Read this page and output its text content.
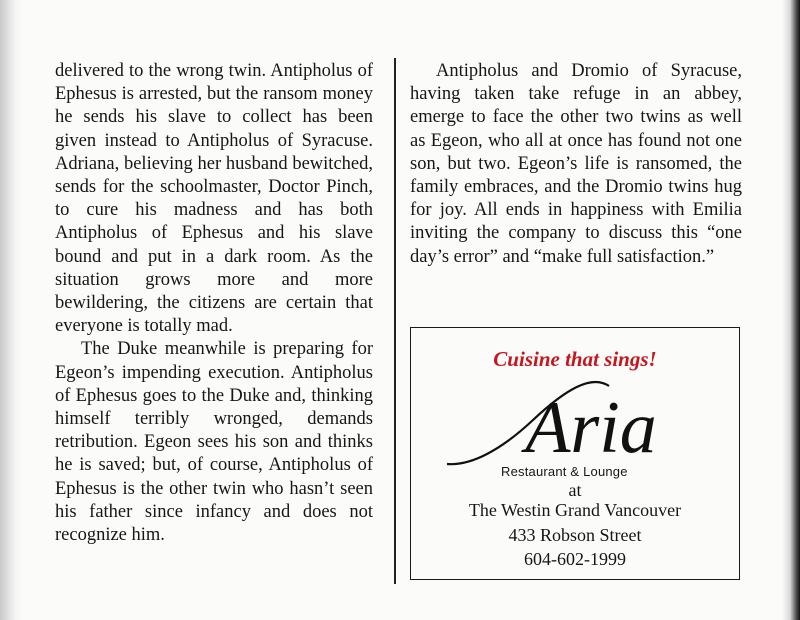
delivered to the wrong twin. Antipholus of Ephesus is arrested, but the ransom money he sends his slave to collect has been given instead to Antipholus of Syracuse. Adriana, believing her husband bewitched, sends for the schoolmaster, Doctor Pinch, to cure his madness and has both Antipholus of Ephesus and his slave bound and put in a dark room. As the situation grows more and more bewildering, the citizens are certain that everyone is totally mad.

The Duke meanwhile is preparing for Egeon’s impending execution. Antipholus of Ephesus goes to the Duke and, thinking himself terribly wronged, demands retribution. Egeon sees his son and thinks he is saved; but, of course, Antipholus of Ephesus is the other twin who hasn’t seen his father since infancy and does not recognize him.

Antipholus and Dromio of Syracuse, having taken take refuge in an abbey, emerge to face the other two twins as well as Egeon, who all at once has found not one son, but two. Egeon’s life is ransomed, the family embraces, and the Dromio twins hug for joy. All ends in happiness with Emilia inviting the company to discuss this “one day’s error” and “make full satisfaction.”

Cuisine that sings!
Aria
Restaurant & Lounge
at
The Westin Grand Vancouver
433 Robson Street
604-602-1999
